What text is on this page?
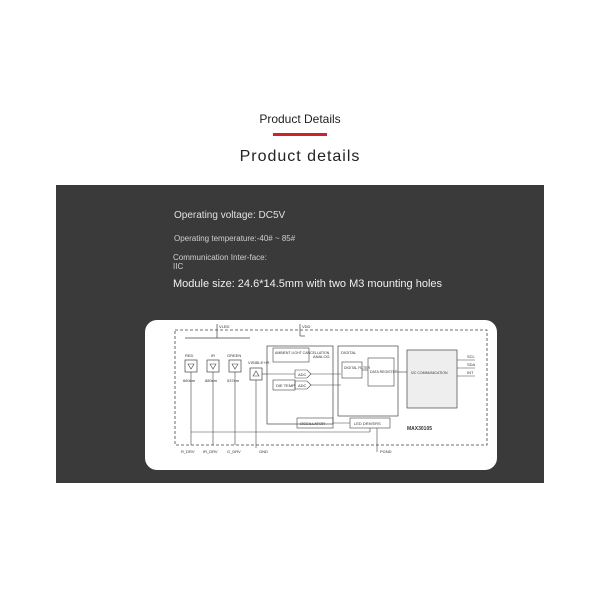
Product Details
Product details
Operating voltage: DC5V
Operating temperature:-40# ~ 85#
Communication Inter-face: IIC
Module size: 24.6*14.5mm with two M3 mounting holes
VLED	VDD
RED
660nm
R_DRV
IR
880nm
IR_DRV
GREEN
537nm
G_DRV
VISIBLE+IR
GND
ANALOG
AMBIENT LIGHT CANCELLATION
ADC
DIE TEMP ADC
DIGITAL
DIGITAL FILTER
DATA REGISTER	I2C COMMUNICATION
SCL
SDA
INT
OSCILLATOR	LED DRIVERS
PGND
MAX30105
